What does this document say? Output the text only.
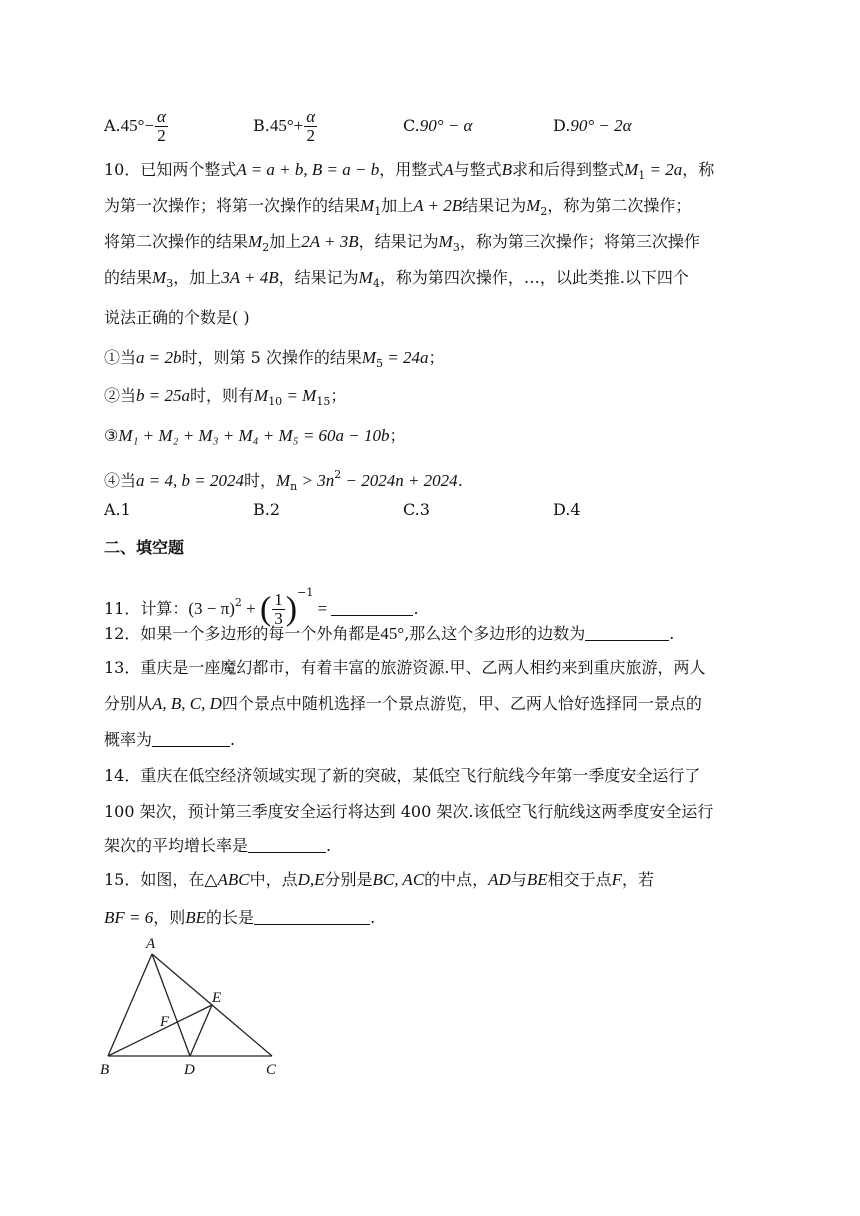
$A.45^\circ- \frac{\alpha}{2}$	$B.45^\circ+ \frac{\alpha}{2}$	C.90° − α	D.90° − 2α
10．已知两个整式A = a + b, B = a − b，用整式A与整式B求和后得到整式$M_1 = 2a$，称
为第一次操作；将第一次操作的结果$M_1$加上A + 2B结果记为$M_2$，称为第二次操作；
将第二次操作的结果$M_2$加上2A + 3B，结果记为$M_3$，称为第三次操作；将第三次操作
的结果$M_3$，加上3A + 4B，结果记为$M_4$，称为第四次操作，…，以此类推.以下四个
说法正确的个数是( )
①当a = 2b时，则第 5 次操作的结果$M_5 = 24a$；
②当b = 25a时，则有$M_{10} = M_{15}$；
③M₁ + M₂ + M₃ + M₄ + M₅ = 60a − 10b；
④当a = 4, b = 2024时，$M_n > 3n^2 - 2024n + 2024$.
A.1	B.2	C.3	D.4
二、填空题
11．计算：$(3 - \pi)^2$ + ( $\frac{1}{3} )^{-1}$ =	.
12．如果一个多边形的每一个外角都是45°,那么这个多边形的边数为	.
13．重庆是一座魔幻都市，有着丰富的旅游资源.甲、乙两人相约来到重庆旅游，两人
分别从A, B, C, D四个景点中随机选择一个景点游览，甲、乙两人恰好选择同一景点的
概率为	.
14．重庆在低空经济领域实现了新的突破，某低空飞行航线今年第一季度安全运行了
100 架次，预计第三季度安全运行将达到 400 架次.该低空飞行航线这两季度安全运行
架次的平均增长率是	.
15．如图，在△ABC中，点D,E分别是BC, AC的中点，AD与BE相交于点F，若
BF = 6，则BE的长是	.
A
B	C
D
E
F
